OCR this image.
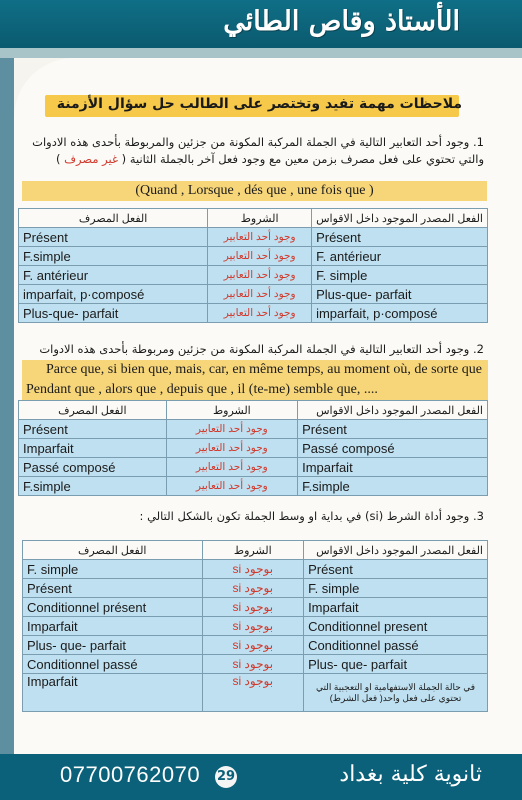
الأستاذ وقاص الطائي
ملاحظات مهمة تفيد وتختصر على الطالب حل سؤال الأزمنة
1. وجود أحد التعابير التالية في الجملة المركبة المكونة من جزئين والمربوطة بأحدى هذه الادوات
والتي تحتوي على فعل مصرف بزمن معين مع وجود فعل آخر بالجملة الثانية ( غير مصرف )
(Quand , Lorsque , dés que , une fois que )
الفعل المصرف	الشروط	الفعل المصدر الموجود داخل الاقواس
Présent	وجود أحد التعابير	Présent
F.simple	وجود أحد التعابير	F. antérieur
F. antérieur	وجود أحد التعابير	F. simple
imparfait, p·composé	وجود أحد التعابير	Plus-que- parfait
Plus-que- parfait	وجود أحد التعابير	imparfait, p·composé
2. وجود أحد التعابير التالية في الجملة المركبة المكونة من جزئين ومربوطة بأحدى هذه الادوات
Parce que, si bien que, mais, car, en même temps, au moment où, de sorte que
Pendant que , alors que , depuis que , il (te-me) semble que, ....
الفعل المصرف	الشروط	الفعل المصدر الموجود داخل الاقواس
Présent	وجود أحد التعابير	Présent
Imparfait	وجود أحد التعابير	Passé composé
Passé composé	وجود أحد التعابير	Imparfait
F.simple	وجود أحد التعابير	F.simple
3. وجود أداة الشرط (si) في بداية او وسط الجملة تكون بالشكل التالي :
الفعل المصرف	الشروط	الفعل المصدر الموجود داخل الاقواس
F. simple	بوجود si	Présent
Présent	بوجود si	F. simple
Conditionnel présent	بوجود si	Imparfait
Imparfait	بوجود si	Conditionnel present
Plus- que- parfait	بوجود si	Conditionnel passé
Conditionnel passé	بوجود si	Plus- que- parfait
Imparfait	بوجود si	في حالة الجملة الاستفهامية او التعجبية التي تحتوي على فعل واحد( فعل الشرط)
07700762070 29	ثانوية كلية بغداد
